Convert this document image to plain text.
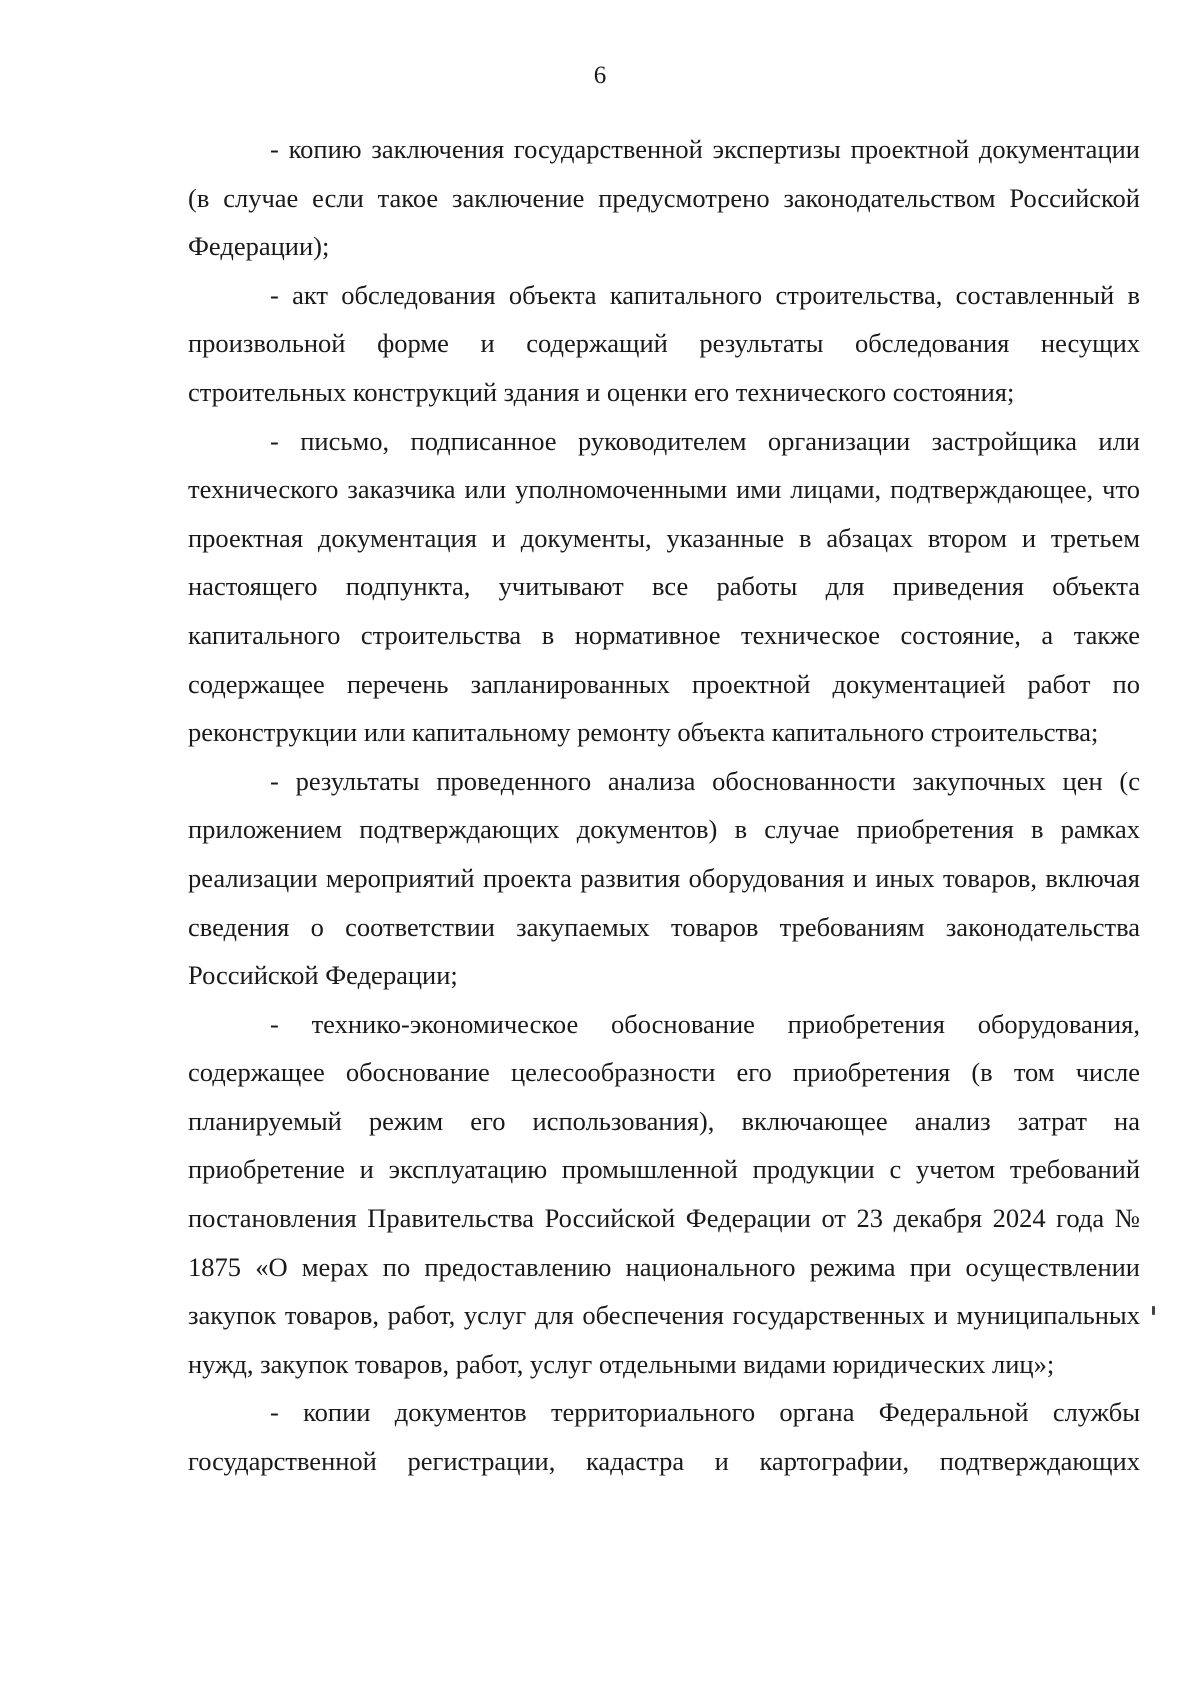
6

- копию заключения государственной экспертизы проектной документации (в случае если такое заключение предусмотрено законодательством Российской Федерации);

- акт обследования объекта капитального строительства, составленный в произвольной форме и содержащий результаты обследования несущих строительных конструкций здания и оценки его технического состояния;

- письмо, подписанное руководителем организации застройщика или технического заказчика или уполномоченными ими лицами, подтверждающее, что проектная документация и документы, указанные в абзацах втором и третьем настоящего подпункта, учитывают все работы для приведения объекта капитального строительства в нормативное техническое состояние, а также содержащее перечень запланированных проектной документацией работ по реконструкции или капитальному ремонту объекта капитального строительства;

- результаты проведенного анализа обоснованности закупочных цен (с приложением подтверждающих документов) в случае приобретения в рамках реализации мероприятий проекта развития оборудования и иных товаров, включая сведения о соответствии закупаемых товаров требованиям законодательства Российской Федерации;

- технико-экономическое обоснование приобретения оборудования, содержащее обоснование целесообразности его приобретения (в том числе планируемый режим его использования), включающее анализ затрат на приобретение и эксплуатацию промышленной продукции с учетом требований постановления Правительства Российской Федерации от 23 декабря 2024 года № 1875 «О мерах по предоставлению национального режима при осуществлении закупок товаров, работ, услуг для обеспечения государственных и муниципальных нужд, закупок товаров, работ, услуг отдельными видами юридических лиц»;

- копии документов территориального органа Федеральной службы государственной регистрации, кадастра и картографии, подтверждающих
